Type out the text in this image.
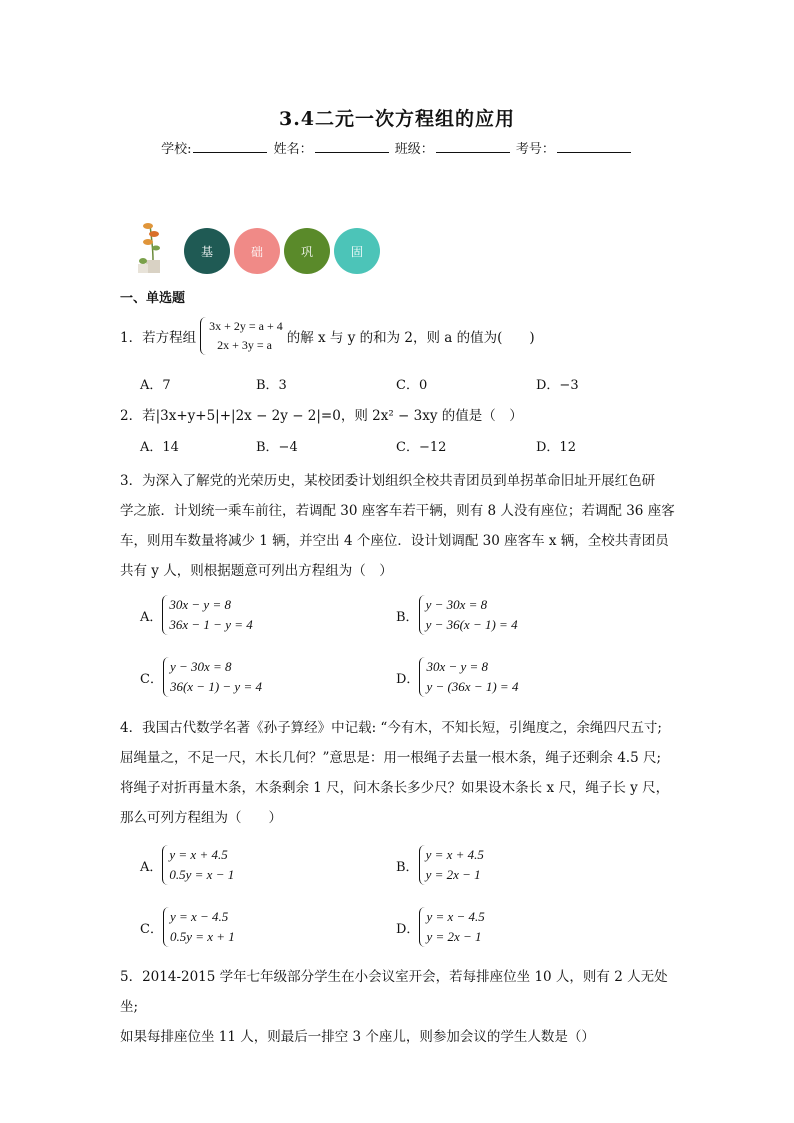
3.4二元一次方程组的应用
学校:	姓名：	班级：	考号：
基	础	巩	固
一、单选题
1．若方程组
3x + 2y = a + 4
2x + 3y = a	的解 x 与 y 的和为 2，则 a 的值为(　　)
A．7	B．3	C．0	D．−3
2．若|3x+y+5|+|2x − 2y − 2|=0，则 2x² − 3xy 的值是（　）
A．14	B．−4	C．−12	D．12
3．为深入了解党的光荣历史，某校团委计划组织全校共青团员到单拐革命旧址开展红色研
学之旅．计划统一乘车前往，若调配 30 座客车若干辆，则有 8 人没有座位；若调配 36 座客
车，则用车数量将减少 1 辆，并空出 4 个座位．设计划调配 30 座客车 x 辆，全校共青团员
共有 y 人，则根据题意可列出方程组为（　）
A．
30x − y = 8
36x − 1 − y = 4	B．
y − 30x = 8
y − 36(x − 1) = 4
C．
y − 30x = 8
36(x − 1) − y = 4	D．
30x − y = 8
y − (36x − 1) = 4
4．我国古代数学名著《孙子算经》中记载: “今有木，不知长短，引绳度之，余绳四尺五寸;
屈绳量之，不足一尺，木长几何？”意思是：用一根绳子去量一根木条，绳子还剩余 4.5 尺;
将绳子对折再量木条，木条剩余 1 尺，问木条长多少尺？如果设木条长 x 尺，绳子长 y 尺，
那么可列方程组为（　　）
A．
y = x + 4.5
0.5y = x − 1	B．
y = x + 4.5
y = 2x − 1
C．
y = x − 4.5
0.5y = x + 1	D．
y = x − 4.5
y = 2x − 1
5．2014-2015 学年七年级部分学生在小会议室开会，若每排座位坐 10 人，则有 2 人无处坐;
如果每排座位坐 11 人，则最后一排空 3 个座儿，则参加会议的学生人数是（）
